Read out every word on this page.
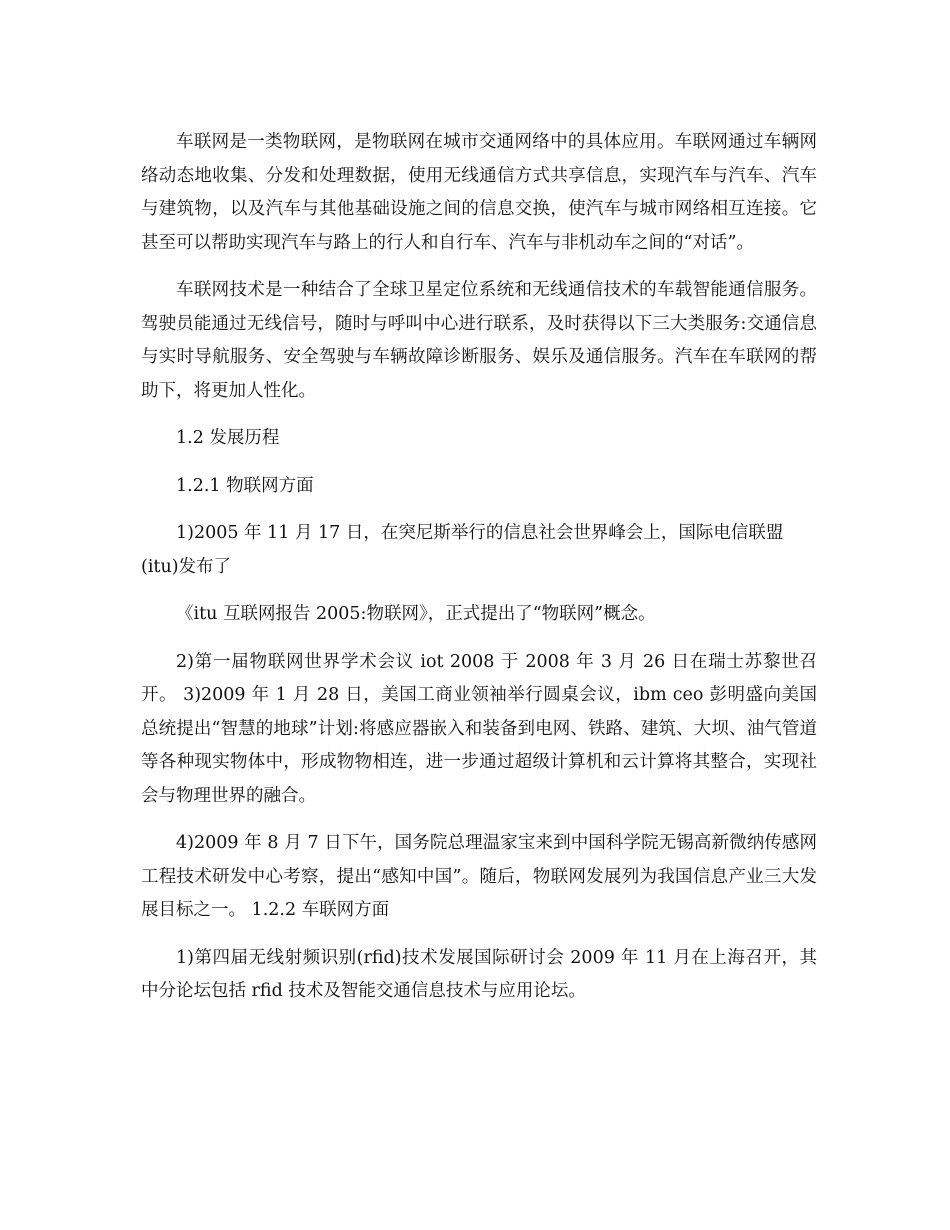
车联网是一类物联网，是物联网在城市交通网络中的具体应用。车联网通过车辆网络动态地收集、分发和处理数据，使用无线通信方式共享信息，实现汽车与汽车、汽车与建筑物，以及汽车与其他基础设施之间的信息交换，使汽车与城市网络相互连接。它甚至可以帮助实现汽车与路上的行人和自行车、汽车与非机动车之间的“对话”。

车联网技术是一种结合了全球卫星定位系统和无线通信技术的车载智能通信服务。驾驶员能通过无线信号，随时与呼叫中心进行联系，及时获得以下三大类服务:交通信息与实时导航服务、安全驾驶与车辆故障诊断服务、娱乐及通信服务。汽车在车联网的帮助下，将更加人性化。

1.2 发展历程

1.2.1 物联网方面

1)2005 年 11 月 17 日，在突尼斯举行的信息社会世界峰会上，国际电信联盟

(itu)发布了

《itu 互联网报告 2005:物联网》，正式提出了“物联网”概念。

2)第一届物联网世界学术会议 iot 2008 于 2008 年 3 月 26 日在瑞士苏黎世召开。 3)2009 年 1 月 28 日，美国工商业领袖举行圆桌会议，ibm ceo 彭明盛向美国总统提出“智慧的地球”计划:将感应器嵌入和装备到电网、铁路、建筑、大坝、油气管道等各种现实物体中，形成物物相连，进一步通过超级计算机和云计算将其整合，实现社会与物理世界的融合。

4)2009 年 8 月 7 日下午，国务院总理温家宝来到中国科学院无锡高新微纳传感网工程技术研发中心考察，提出“感知中国”。随后，物联网发展列为我国信息产业三大发展目标之一。 1.2.2 车联网方面

1)第四届无线射频识别(rfid)技术发展国际研讨会 2009 年 11 月在上海召开，其中分论坛包括 rfid 技术及智能交通信息技术与应用论坛。
